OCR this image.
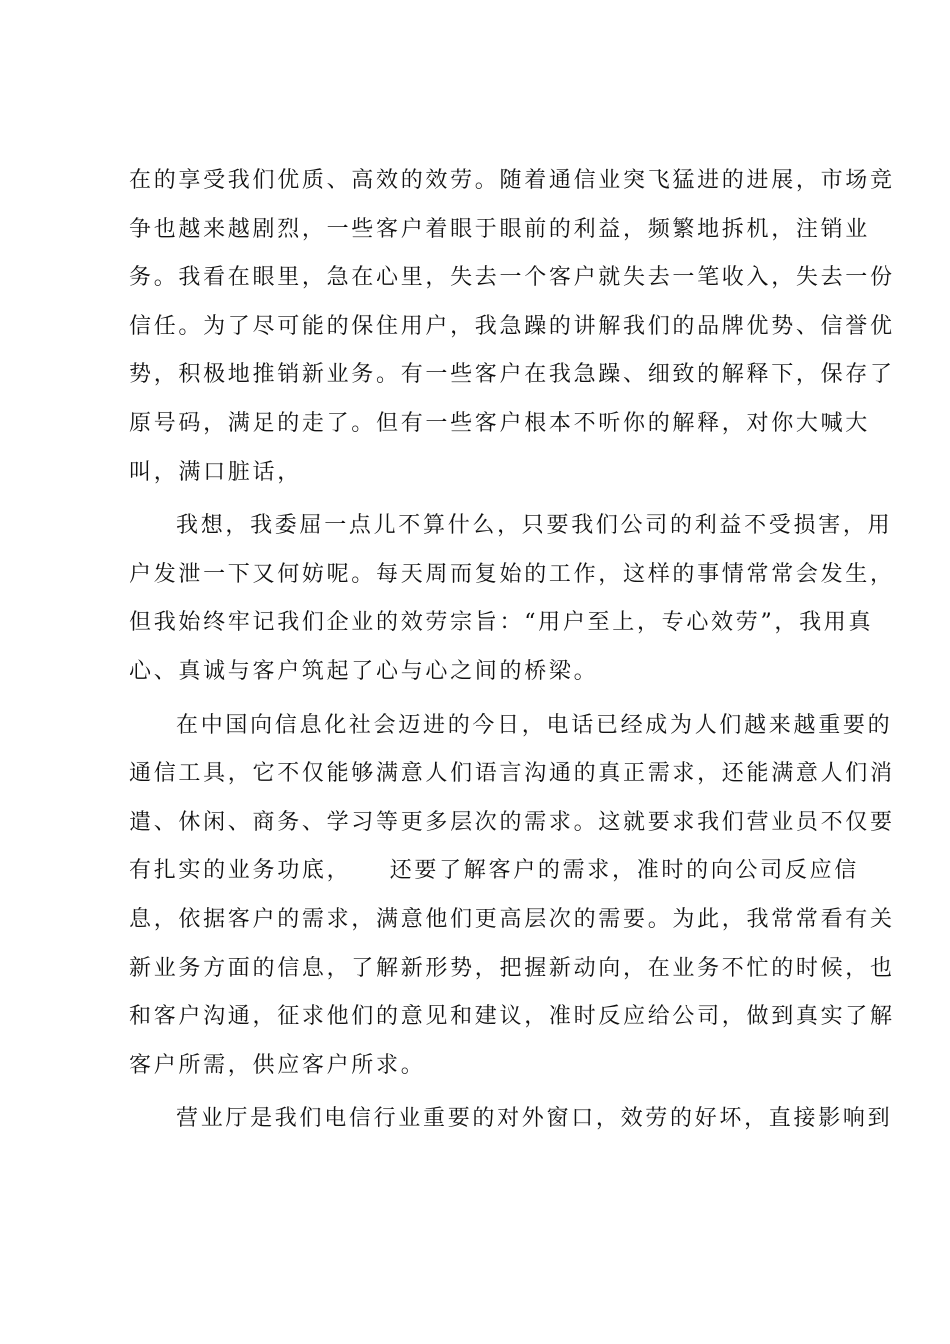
在的享受我们优质、高效的效劳。随着通信业突飞猛进的进展，市场竞
争也越来越剧烈，一些客户着眼于眼前的利益，频繁地拆机，注销业
务。我看在眼里，急在心里，失去一个客户就失去一笔收入，失去一份
信任。为了尽可能的保住用户，我急躁的讲解我们的品牌优势、信誉优
势，积极地推销新业务。有一些客户在我急躁、细致的解释下，保存了
原号码，满足的走了。但有一些客户根本不听你的解释，对你大喊大
叫，满口脏话，
我想，我委屈一点儿不算什么，只要我们公司的利益不受损害，用
户发泄一下又何妨呢。每天周而复始的工作，这样的事情常常会发生，
但我始终牢记我们企业的效劳宗旨：“用户至上，专心效劳”，我用真
心、真诚与客户筑起了心与心之间的桥梁。
在中国向信息化社会迈进的今日，电话已经成为人们越来越重要的
通信工具，它不仅能够满意人们语言沟通的真正需求，还能满意人们消
遣、休闲、商务、学习等更多层次的需求。这就要求我们营业员不仅要
有扎实的业务功底，　　还要了解客户的需求，准时的向公司反应信
息，依据客户的需求，满意他们更高层次的需要。为此，我常常看有关
新业务方面的信息，了解新形势，把握新动向，在业务不忙的时候，也
和客户沟通，征求他们的意见和建议，准时反应给公司，做到真实了解
客户所需，供应客户所求。
营业厅是我们电信行业重要的对外窗口，效劳的好坏，直接影响到
